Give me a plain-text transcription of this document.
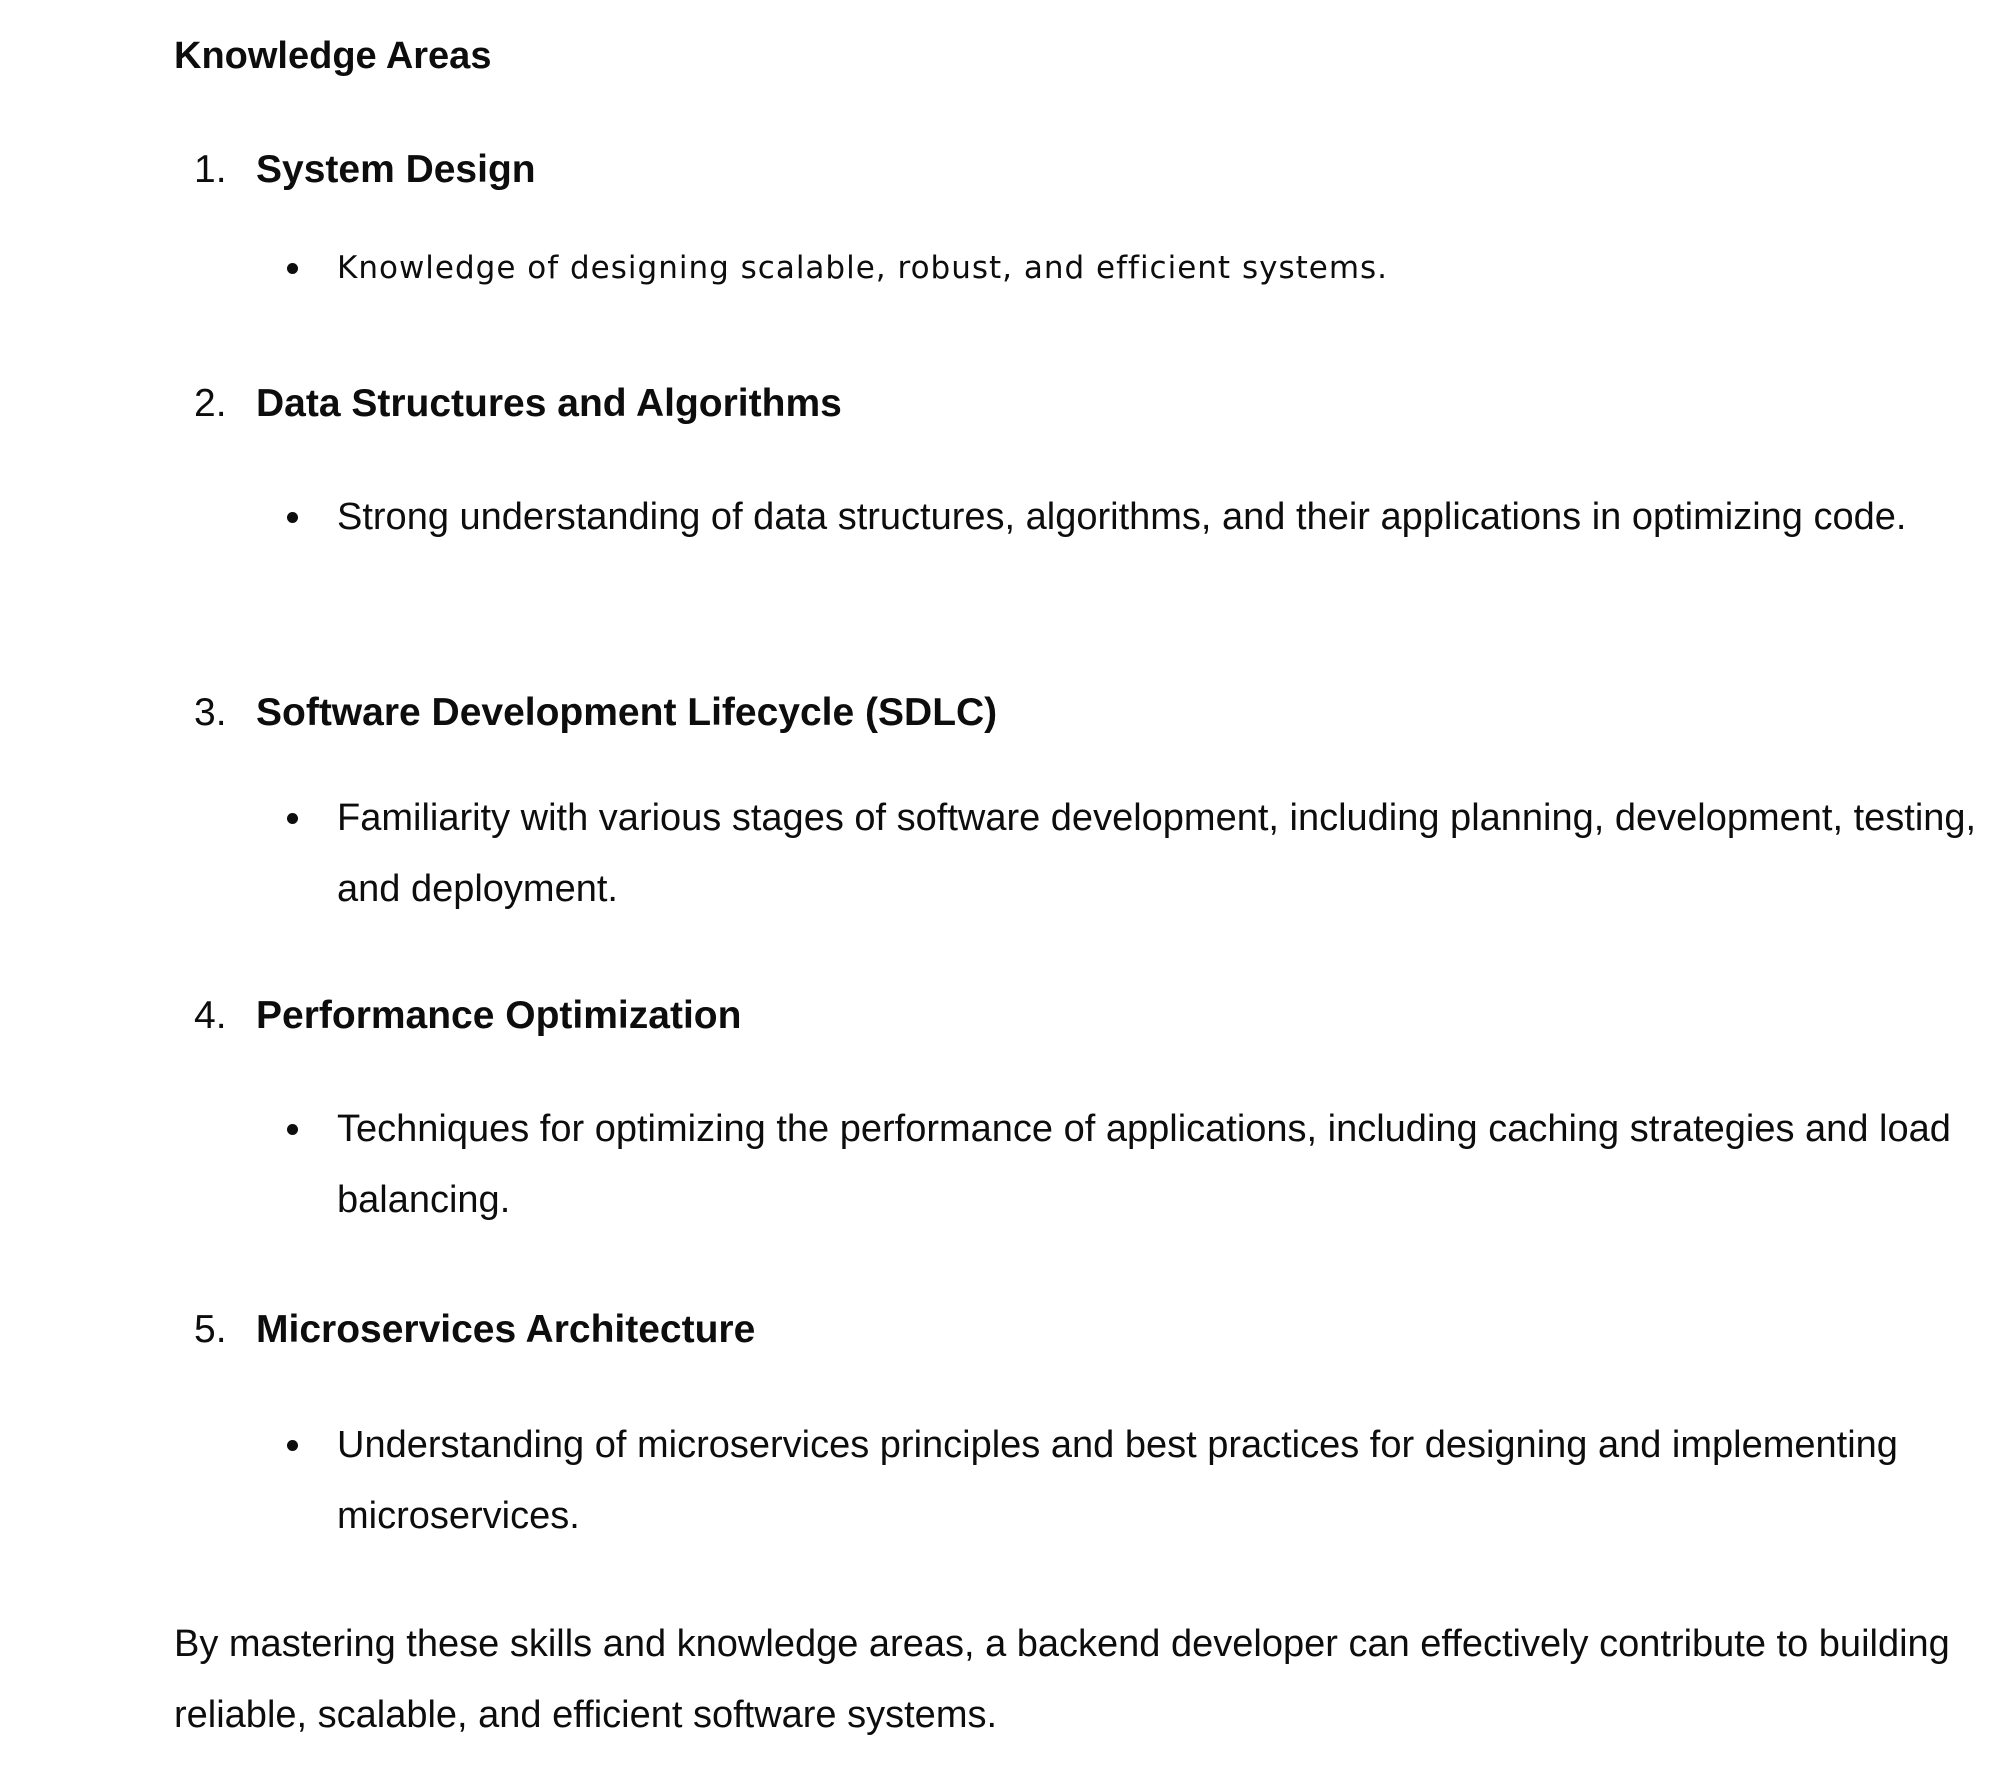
Knowledge Areas
1. System Design
Knowledge of designing scalable, robust, and efficient systems.
2. Data Structures and Algorithms
Strong understanding of data structures, algorithms, and their applications in optimizing code.
3. Software Development Lifecycle (SDLC)
Familiarity with various stages of software development, including planning, development, testing, and deployment.
4. Performance Optimization
Techniques for optimizing the performance of applications, including caching strategies and load balancing.
5. Microservices Architecture
Understanding of microservices principles and best practices for designing and implementing microservices.

By mastering these skills and knowledge areas, a backend developer can effectively contribute to building reliable, scalable, and efficient software systems.
